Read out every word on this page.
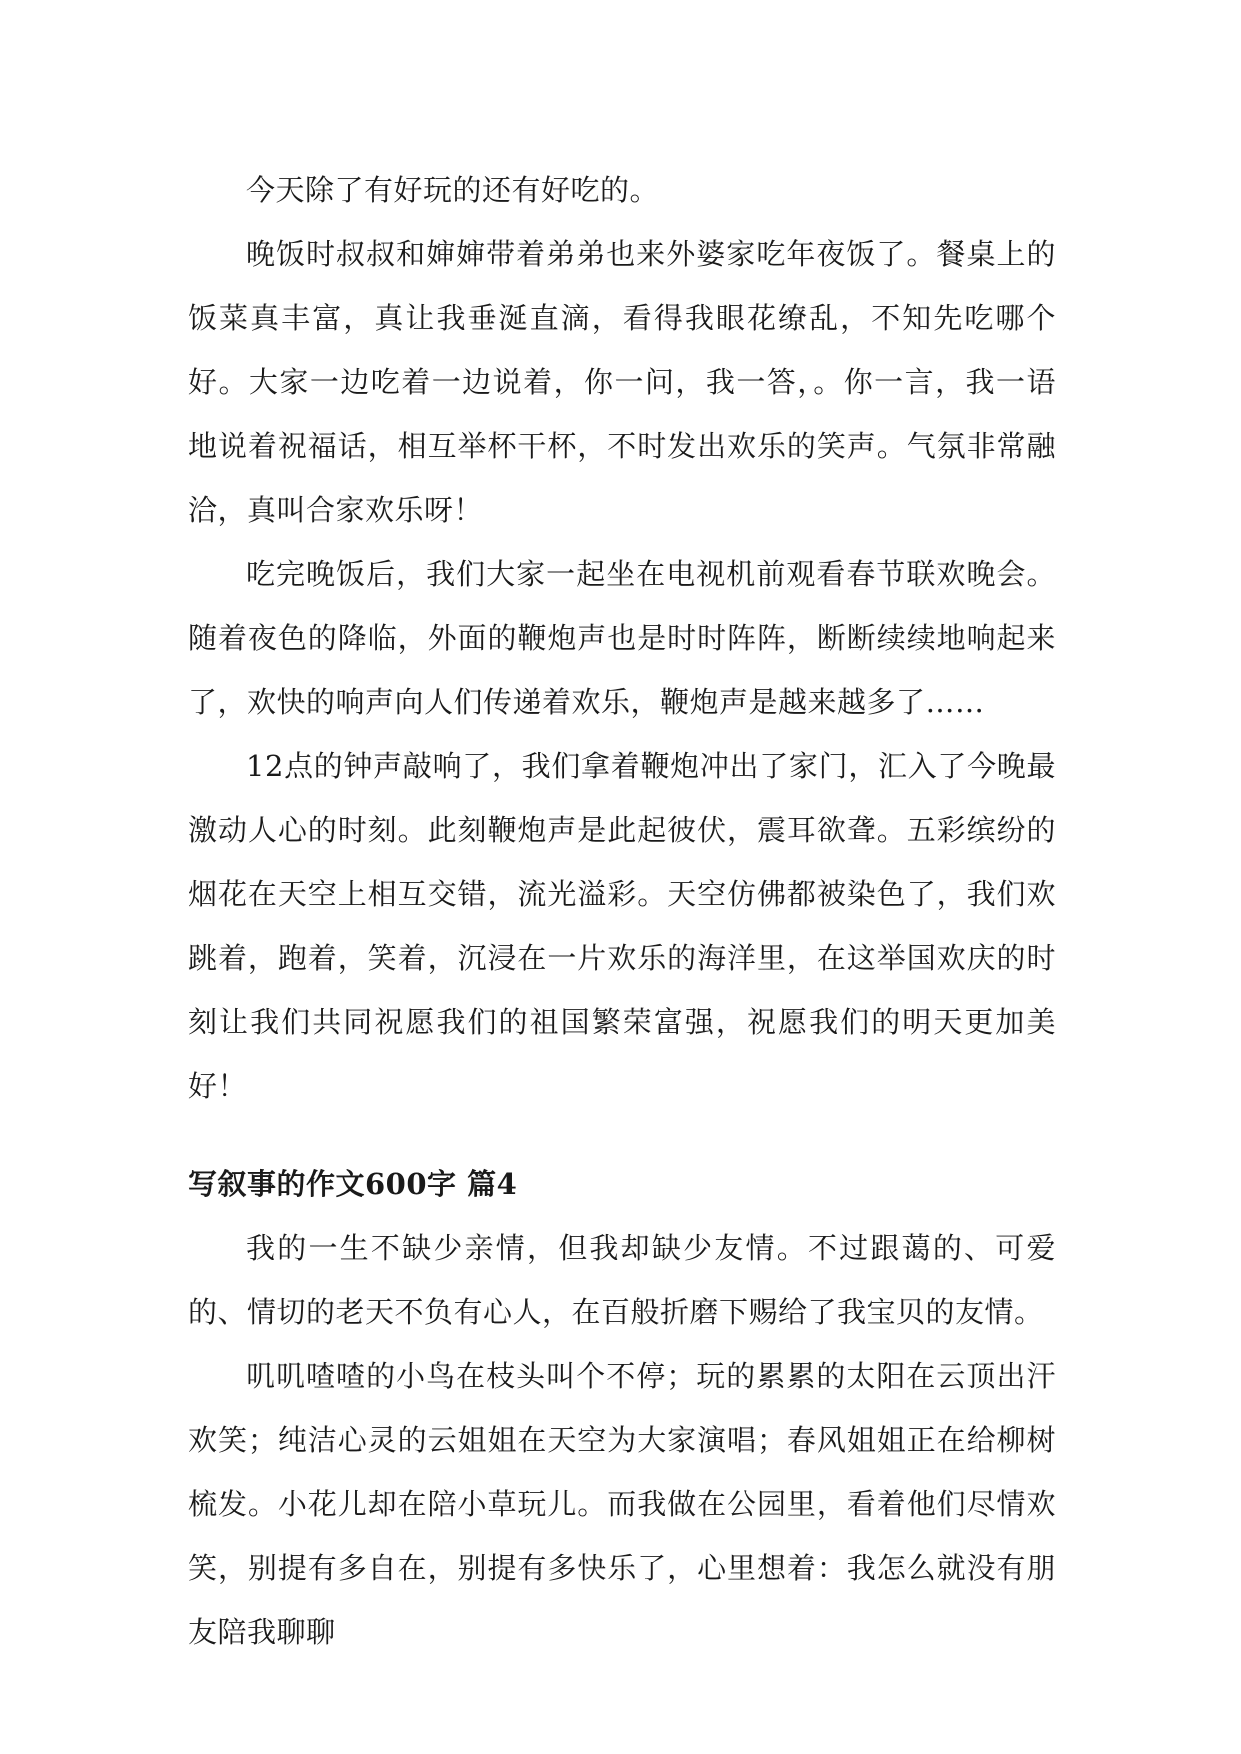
今天除了有好玩的还有好吃的。

晚饭时叔叔和婶婶带着弟弟也来外婆家吃年夜饭了。餐桌上的饭菜真丰富，真让我垂涎直滴，看得我眼花缭乱，不知先吃哪个好。大家一边吃着一边说着，你一问，我一答，。你一言，我一语地说着祝福话，相互举杯干杯，不时发出欢乐的笑声。气氛非常融洽，真叫合家欢乐呀！

吃完晚饭后，我们大家一起坐在电视机前观看春节联欢晚会。随着夜色的降临，外面的鞭炮声也是时时阵阵，断断续续地响起来了，欢快的响声向人们传递着欢乐，鞭炮声是越来越多了……

12点的钟声敲响了，我们拿着鞭炮冲出了家门，汇入了今晚最激动人心的时刻。此刻鞭炮声是此起彼伏，震耳欲聋。五彩缤纷的烟花在天空上相互交错，流光溢彩。天空仿佛都被染色了，我们欢跳着，跑着，笑着，沉浸在一片欢乐的海洋里，在这举国欢庆的时刻让我们共同祝愿我们的祖国繁荣富强，祝愿我们的明天更加美好！

写叙事的作文600字 篇4

我的一生不缺少亲情，但我却缺少友情。不过跟蔼的、可爱的、情切的老天不负有心人，在百般折磨下赐给了我宝贝的友情。

叽叽喳喳的小鸟在枝头叫个不停；玩的累累的太阳在云顶出汗欢笑；纯洁心灵的云姐姐在天空为大家演唱；春风姐姐正在给柳树梳发。小花儿却在陪小草玩儿。而我做在公园里，看着他们尽情欢笑，别提有多自在，别提有多快乐了，心里想着：我怎么就没有朋友陪我聊聊
